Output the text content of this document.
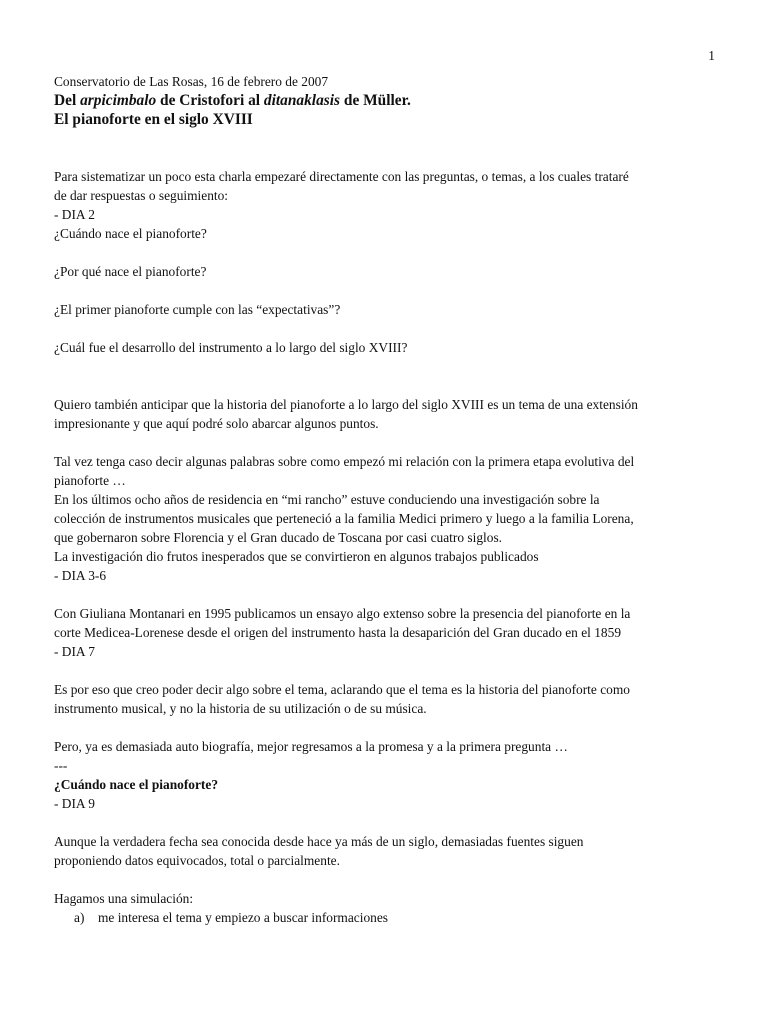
1

Conservatorio de Las Rosas, 16 de febrero de 2007

Del arpicimbalo de Cristofori al ditanaklasis de Müller.

El pianoforte en el siglo XVIII

Para sistematizar un poco esta charla empezaré directamente con las preguntas, o temas, a los cuales trataré

de dar respuestas o seguimiento:

- DIA 2

¿Cuándo nace el pianoforte?

¿Por qué nace el pianoforte?

¿El primer pianoforte cumple con las “expectativas”?

¿Cuál fue el desarrollo del instrumento a lo largo del siglo XVIII?

Quiero también anticipar que la historia del pianoforte a lo largo del siglo XVIII es un tema de una extensión

impresionante y que aquí podré solo abarcar algunos puntos.

Tal vez tenga caso decir algunas palabras sobre como empezó mi relación con la primera etapa evolutiva del

pianoforte …

En los últimos ocho años de residencia en “mi rancho” estuve conduciendo una investigación sobre la

colección de instrumentos musicales que perteneció a la familia Medici primero y luego a la familia Lorena,

que gobernaron sobre Florencia y el Gran ducado de Toscana por casi cuatro siglos.

La investigación dio frutos inesperados que se convirtieron en algunos trabajos publicados

- DIA 3-6

Con Giuliana Montanari en 1995 publicamos un ensayo algo extenso sobre la presencia del pianoforte en la

corte Medicea-Lorenese desde el origen del instrumento hasta la desaparición del Gran ducado en el 1859

- DIA 7

Es por eso que creo poder decir algo sobre el tema, aclarando que el tema es la historia del pianoforte como

instrumento musical, y no la historia de su utilización o de su música.

Pero, ya es demasiada auto biografía, mejor regresamos a la promesa y a la primera pregunta …

---

¿Cuándo nace el pianoforte?

- DIA 9

Aunque la verdadera fecha sea conocida desde hace ya más de un siglo, demasiadas fuentes siguen

proponiendo datos equivocados, total o parcialmente.

Hagamos una simulación:

a) me interesa el tema y empiezo a buscar informaciones
